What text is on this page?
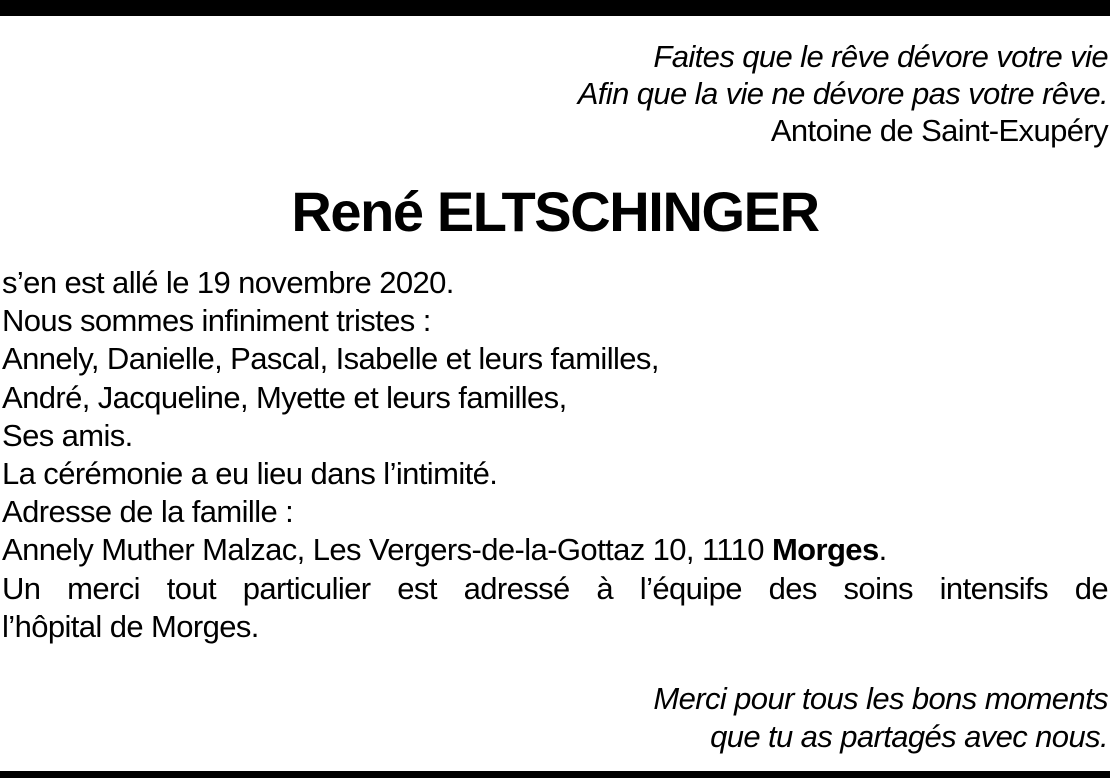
Faites que le rêve dévore votre vie
Afin que la vie ne dévore pas votre rêve.
Antoine de Saint-Exupéry
René ELTSCHINGER
s’en est allé le 19 novembre 2020.
Nous sommes infiniment tristes :
Annely, Danielle, Pascal, Isabelle et leurs familles,
André, Jacqueline, Myette et leurs familles,
Ses amis.
La cérémonie a eu lieu dans l’intimité.
Adresse de la famille :
Annely Muther Malzac, Les Vergers-de-la-Gottaz 10, 1110 Morges.
Un merci tout particulier est adressé à l’équipe des soins intensifs de
l’hôpital de Morges.
Merci pour tous les bons moments
que tu as partagés avec nous.
